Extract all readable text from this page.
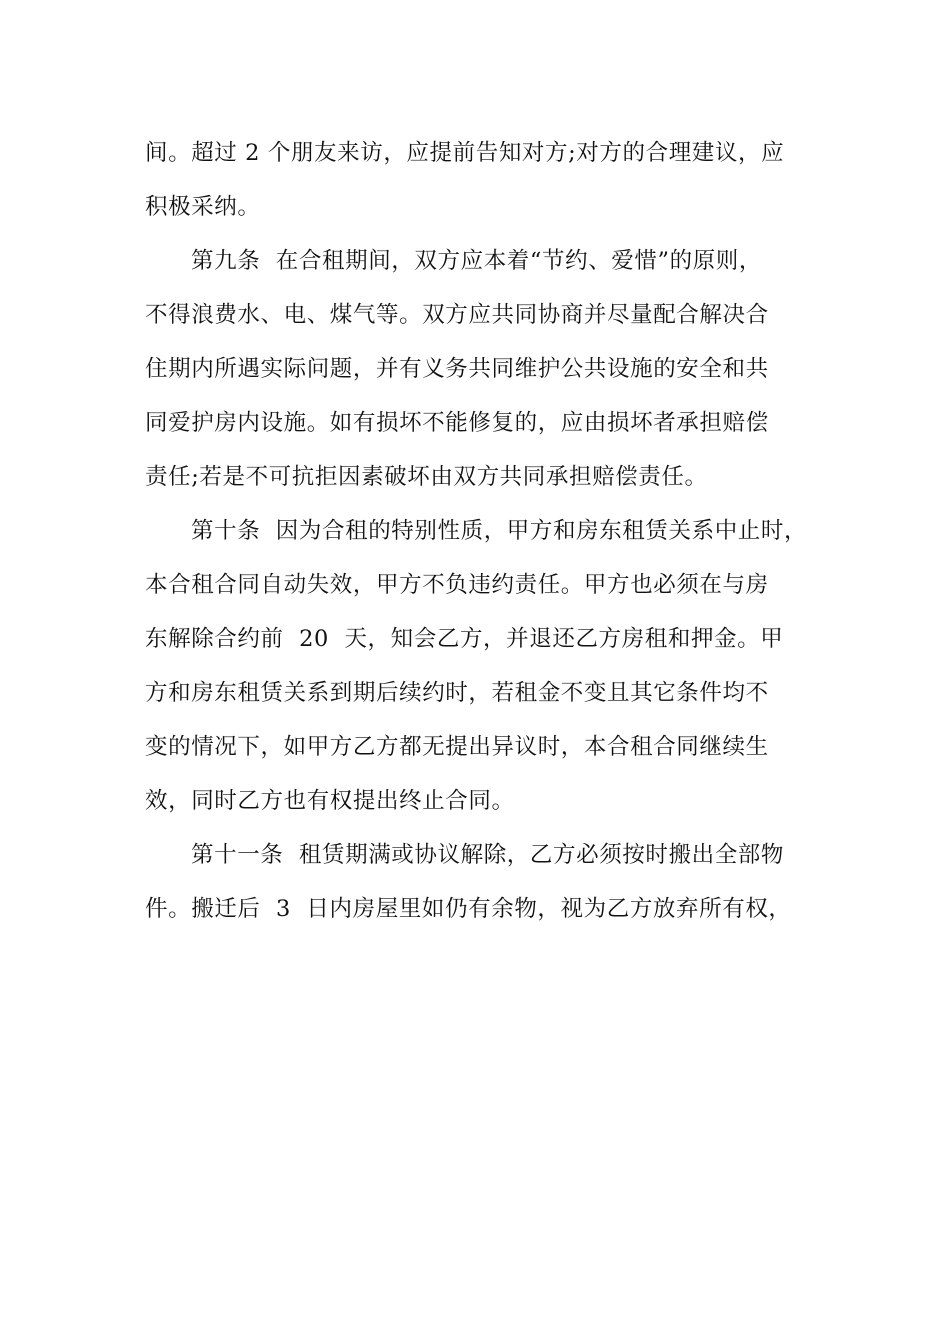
间。超过 2 个朋友来访，应提前告知对方;对方的合理建议，应
积极采纳。
第九条  在合租期间，双方应本着“节约、爱惜”的原则，
不得浪费水、电、煤气等。双方应共同协商并尽量配合解决合
住期内所遇实际问题，并有义务共同维护公共设施的安全和共
同爱护房内设施。如有损坏不能修复的，应由损坏者承担赔偿
责任;若是不可抗拒因素破坏由双方共同承担赔偿责任。
第十条  因为合租的特别性质，甲方和房东租赁关系中止时，
本合租合同自动失效，甲方不负违约责任。甲方也必须在与房
东解除合约前  20  天，知会乙方，并退还乙方房租和押金。甲
方和房东租赁关系到期后续约时，若租金不变且其它条件均不
变的情况下，如甲方乙方都无提出异议时，本合租合同继续生
效，同时乙方也有权提出终止合同。
第十一条  租赁期满或协议解除，乙方必须按时搬出全部物
件。搬迁后  3  日内房屋里如仍有余物，视为乙方放弃所有权，
